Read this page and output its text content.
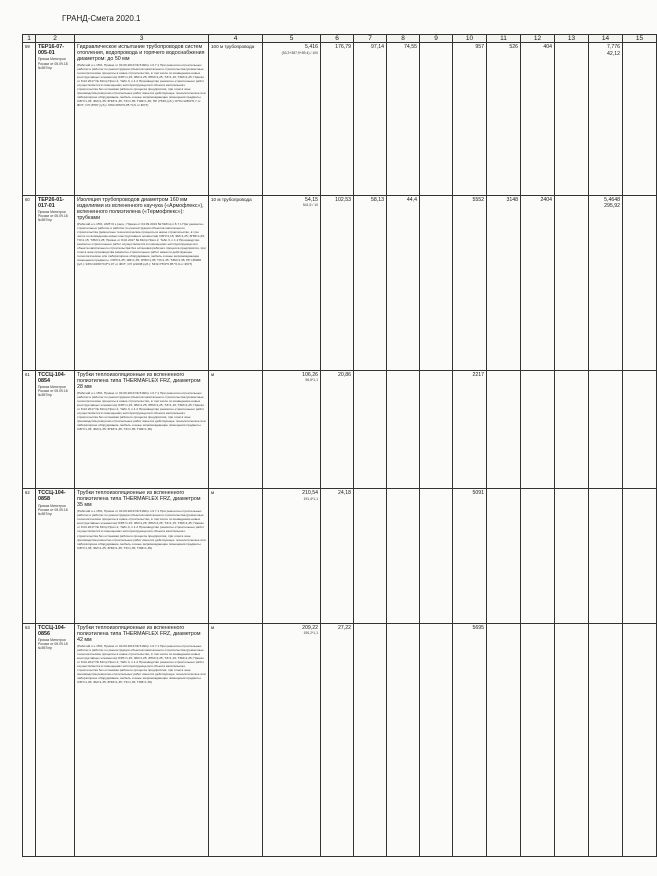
ГРАНД-Смета 2020.1
1	2	3	4	5	6	7	8	9	10	11	12	13	14	15
59	ТЕР16-07-005-01
Приказ Минстроя России от 05.09.18 №557/пр	Гидравлическое испытание трубопроводов систем отопления, водопровода и горячего водоснабжения диаметром: до 50 мм
(Рабочий н.ч.15%; Приказ от 04.09.2019 № 518/пр п.6.7.1 При ремонтно-строительных работах и работах по реконструкции объектов капитального строительства (ремонтные технологические процессы в новое строительство, в том числе по возведению новых конструктивных элементов) ОЗП=1,15; ЭМ=1,25; ЗПМ=1,25; ТЗ=1,15; ТЗМ=1,25; Приказ от 8.02.2017 № 81/пр Прил.2, Табл.3, п.1.2 Производство ремонтно-строительных работ осуществляется в помещениях эксплуатирующегося объекта капитального строительства без остановки рабочего процесса предприятия, при этом в зоне производства ремонтно-строительных работ имеется действующее технологическое или лабораторное оборудование, мебель и иные загромождающие помещения предметы. ОЗП=1,35; ЭМ=1,35; ЗПМ=1,35; ТЗ=1,35; ТЗМ=1,35; НР (7539 руб.): 87%=128%*0,7 от ФОТ; СП (8787 руб.): 63%=83%*0,85 *0,9 от ФОТ)	100 м трубопровода	5,416
(53,3+387,9+89,4) / 100	176,79	97,14	74,55		957	526	404		7,776
42,12	

60	ТЕР26-01-017-01
Приказ Минстроя России от 05.09.18 №557/пр	Изоляция трубопроводов диаметром 160 мм изделиями из вспененного каучука («Армофлекс»), вспененного полиэтилена («Термофлекс»): трубками
(Рабочий н.ч.15%; АМТ=0 к расц.; Приказ от 04.09.2019 № 518/пр п.6.7.1 При ремонтно-строительных работах и работах по реконструкции объектов капитального строительства (ремонтные технологические процессы в новое строительство, в том числе по возведению новых конструктивных элементов) ОЗП=1,15; ЭМ=1,25; ЗПМ=1,25; ТЗ=1,15; ТЗМ=1,25; Приказ от 8.02.2017 № 81/пр Прил.2, Табл.3, п.1.2 Производство ремонтно-строительных работ осуществляется в помещениях эксплуатирующегося объекта капитального строительства без остановки рабочего процесса предприятия, при этом в зоне производства ремонтно-строительных работ имеется действующее технологическое или лабораторное оборудование, мебель и иные загромождающие помещения предметы. ОЗП=1,35; ЭМ=1,35; ЗПМ=1,35; ТЗ=1,35; ТЗМ=1,35; НР (36968 руб.): 93%=109%*0,8*1,07 от ФОТ; СП (21638 руб.): 54%=75%*0,85 *0,9 от ФОТ)	10 м трубопровода	54,15
541,5 / 10	102,53	58,13	44,4		5552	3148	2404		5,4648
295,92	

61	ТССЦ-104-0854
Приказ Минстроя России от 05.09.18 №557/пр	Трубки теплоизоляционные из вспененного полиэтилена типа THERMAFLEX FRZ, диаметром 28 мм
(Рабочий н.ч.15%; Приказ от 04.09.2019 № 518/пр п.6.7.1 При ремонтно-строительных работах и работах по реконструкции объектов капитального строительства (ремонтные технологические процессы в новое строительство, в том числе по возведению новых конструктивных элементов) ОЗП=1,15; ЭМ=1,25; ЗПМ=1,25; ТЗ=1,15; ТЗМ=1,25; Приказ от 8.02.2017 № 81/пр Прил.2, Табл.3, п.1.2 Производство ремонтно-строительных работ осуществляется в помещениях эксплуатирующегося объекта капитального строительства без остановки рабочего процесса предприятия, при этом в зоне производства ремонтно-строительных работ имеется действующее технологическое или лабораторное оборудование, мебель и иные загромождающие помещения предметы. ОЗП=1,35; ЭМ=1,35; ЗПМ=1,35; ТЗ=1,35; ТЗМ=1,35)	м	106,26
96,6*1,1	20,86				2217					

62	ТССЦ-104-0858
Приказ Минстроя России от 05.09.18 №557/пр	Трубки теплоизоляционные из вспененного полиэтилена типа THERMAFLEX FRZ, диаметром 35 мм
(Рабочий н.ч.15%; Приказ от 04.09.2019 № 518/пр п.6.7.1 При ремонтно-строительных работах и работах по реконструкции объектов капитального строительства (ремонтные технологические процессы в новое строительство, в том числе по возведению новых конструктивных элементов) ОЗП=1,15; ЭМ=1,25; ЗПМ=1,25; ТЗ=1,15; ТЗМ=1,25; Приказ от 8.02.2017 № 81/пр Прил.2, Табл.3, п.1.2 Производство ремонтно-строительных работ осуществляется в помещениях эксплуатирующегося объекта капитального строительства без остановки рабочего процесса предприятия, при этом в зоне производства ремонтно-строительных работ имеется действующее технологическое или лабораторное оборудование, мебель и иные загромождающие помещения предметы. ОЗП=1,35; ЭМ=1,35; ЗПМ=1,35; ТЗ=1,35; ТЗМ=1,35)	м	210,54
191,4*1,1	24,18				5091					

63	ТССЦ-104-0856
Приказ Минстроя России от 05.09.18 №557/пр	Трубки теплоизоляционные из вспененного полиэтилена типа THERMAFLEX FRZ, диаметром 42 мм
(Рабочий н.ч.15%; Приказ от 04.09.2019 № 518/пр п.6.7.1 При ремонтно-строительных работах и работах по реконструкции объектов капитального строительства (ремонтные технологические процессы в новое строительство, в том числе по возведению новых конструктивных элементов) ОЗП=1,15; ЭМ=1,25; ЗПМ=1,25; ТЗ=1,15; ТЗМ=1,25; Приказ от 8.02.2017 № 81/пр Прил.2, Табл.3, п.1.2 Производство ремонтно-строительных работ осуществляется в помещениях эксплуатирующегося объекта капитального строительства без остановки рабочего процесса предприятия, при этом в зоне производства ремонтно-строительных работ имеется действующее технологическое или лабораторное оборудование, мебель и иные загромождающие помещения предметы. ОЗП=1,35; ЭМ=1,35; ЗПМ=1,35; ТЗ=1,35; ТЗМ=1,35)	м	209,22
190,2*1,1	27,22				5695					
